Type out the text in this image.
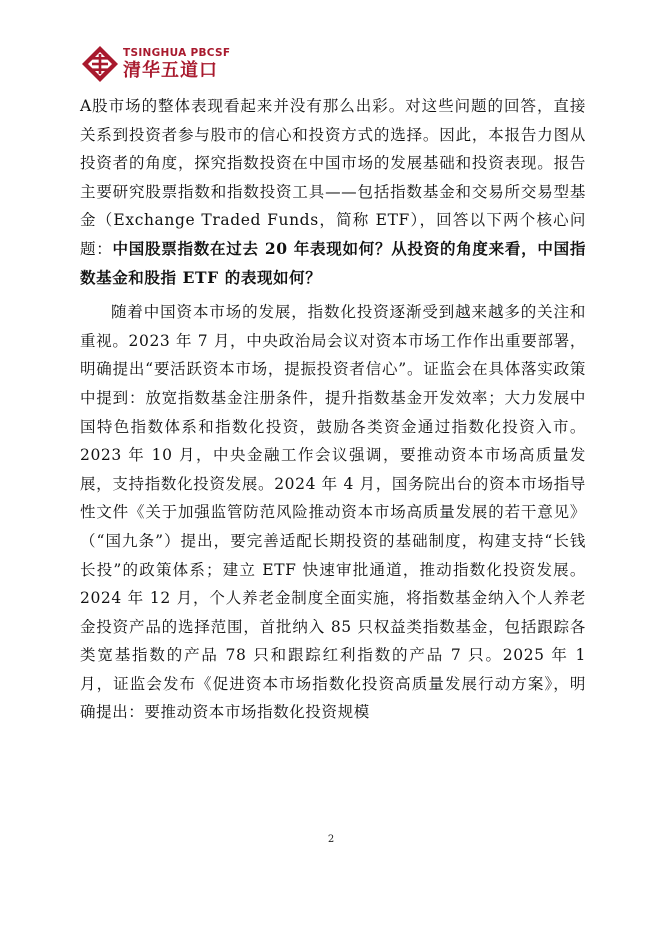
TSINGHUA PBCSF
清华五道口

A股市场的整体表现看起来并没有那么出彩。对这些问题的回答，直接关系到投资者参与股市的信心和投资方式的选择。因此，本报告力图从投资者的角度，探究指数投资在中国市场的发展基础和投资表现。报告主要研究股票指数和指数投资工具——包括指数基金和交易所交易型基金（Exchange Traded Funds，简称 ETF），回答以下两个核心问题：中国股票指数在过去 20 年表现如何？从投资的角度来看，中国指数基金和股指 ETF 的表现如何？

随着中国资本市场的发展，指数化投资逐渐受到越来越多的关注和重视。2023 年 7 月，中央政治局会议对资本市场工作作出重要部署，明确提出“要活跃资本市场，提振投资者信心”。证监会在具体落实政策中提到：放宽指数基金注册条件，提升指数基金开发效率；大力发展中国特色指数体系和指数化投资，鼓励各类资金通过指数化投资入市。2023 年 10 月，中央金融工作会议强调，要推动资本市场高质量发展，支持指数化投资发展。2024 年 4 月，国务院出台的资本市场指导性文件《关于加强监管防范风险推动资本市场高质量发展的若干意见》（“国九条”）提出，要完善适配长期投资的基础制度，构建支持“长钱长投”的政策体系；建立 ETF 快速审批通道，推动指数化投资发展。2024 年 12 月，个人养老金制度全面实施，将指数基金纳入个人养老金投资产品的选择范围，首批纳入 85 只权益类指数基金，包括跟踪各类宽基指数的产品 78 只和跟踪红利指数的产品 7 只。2025 年 1 月，证监会发布《促进资本市场指数化投资高质量发展行动方案》，明确提出：要推动资本市场指数化投资规模

2
